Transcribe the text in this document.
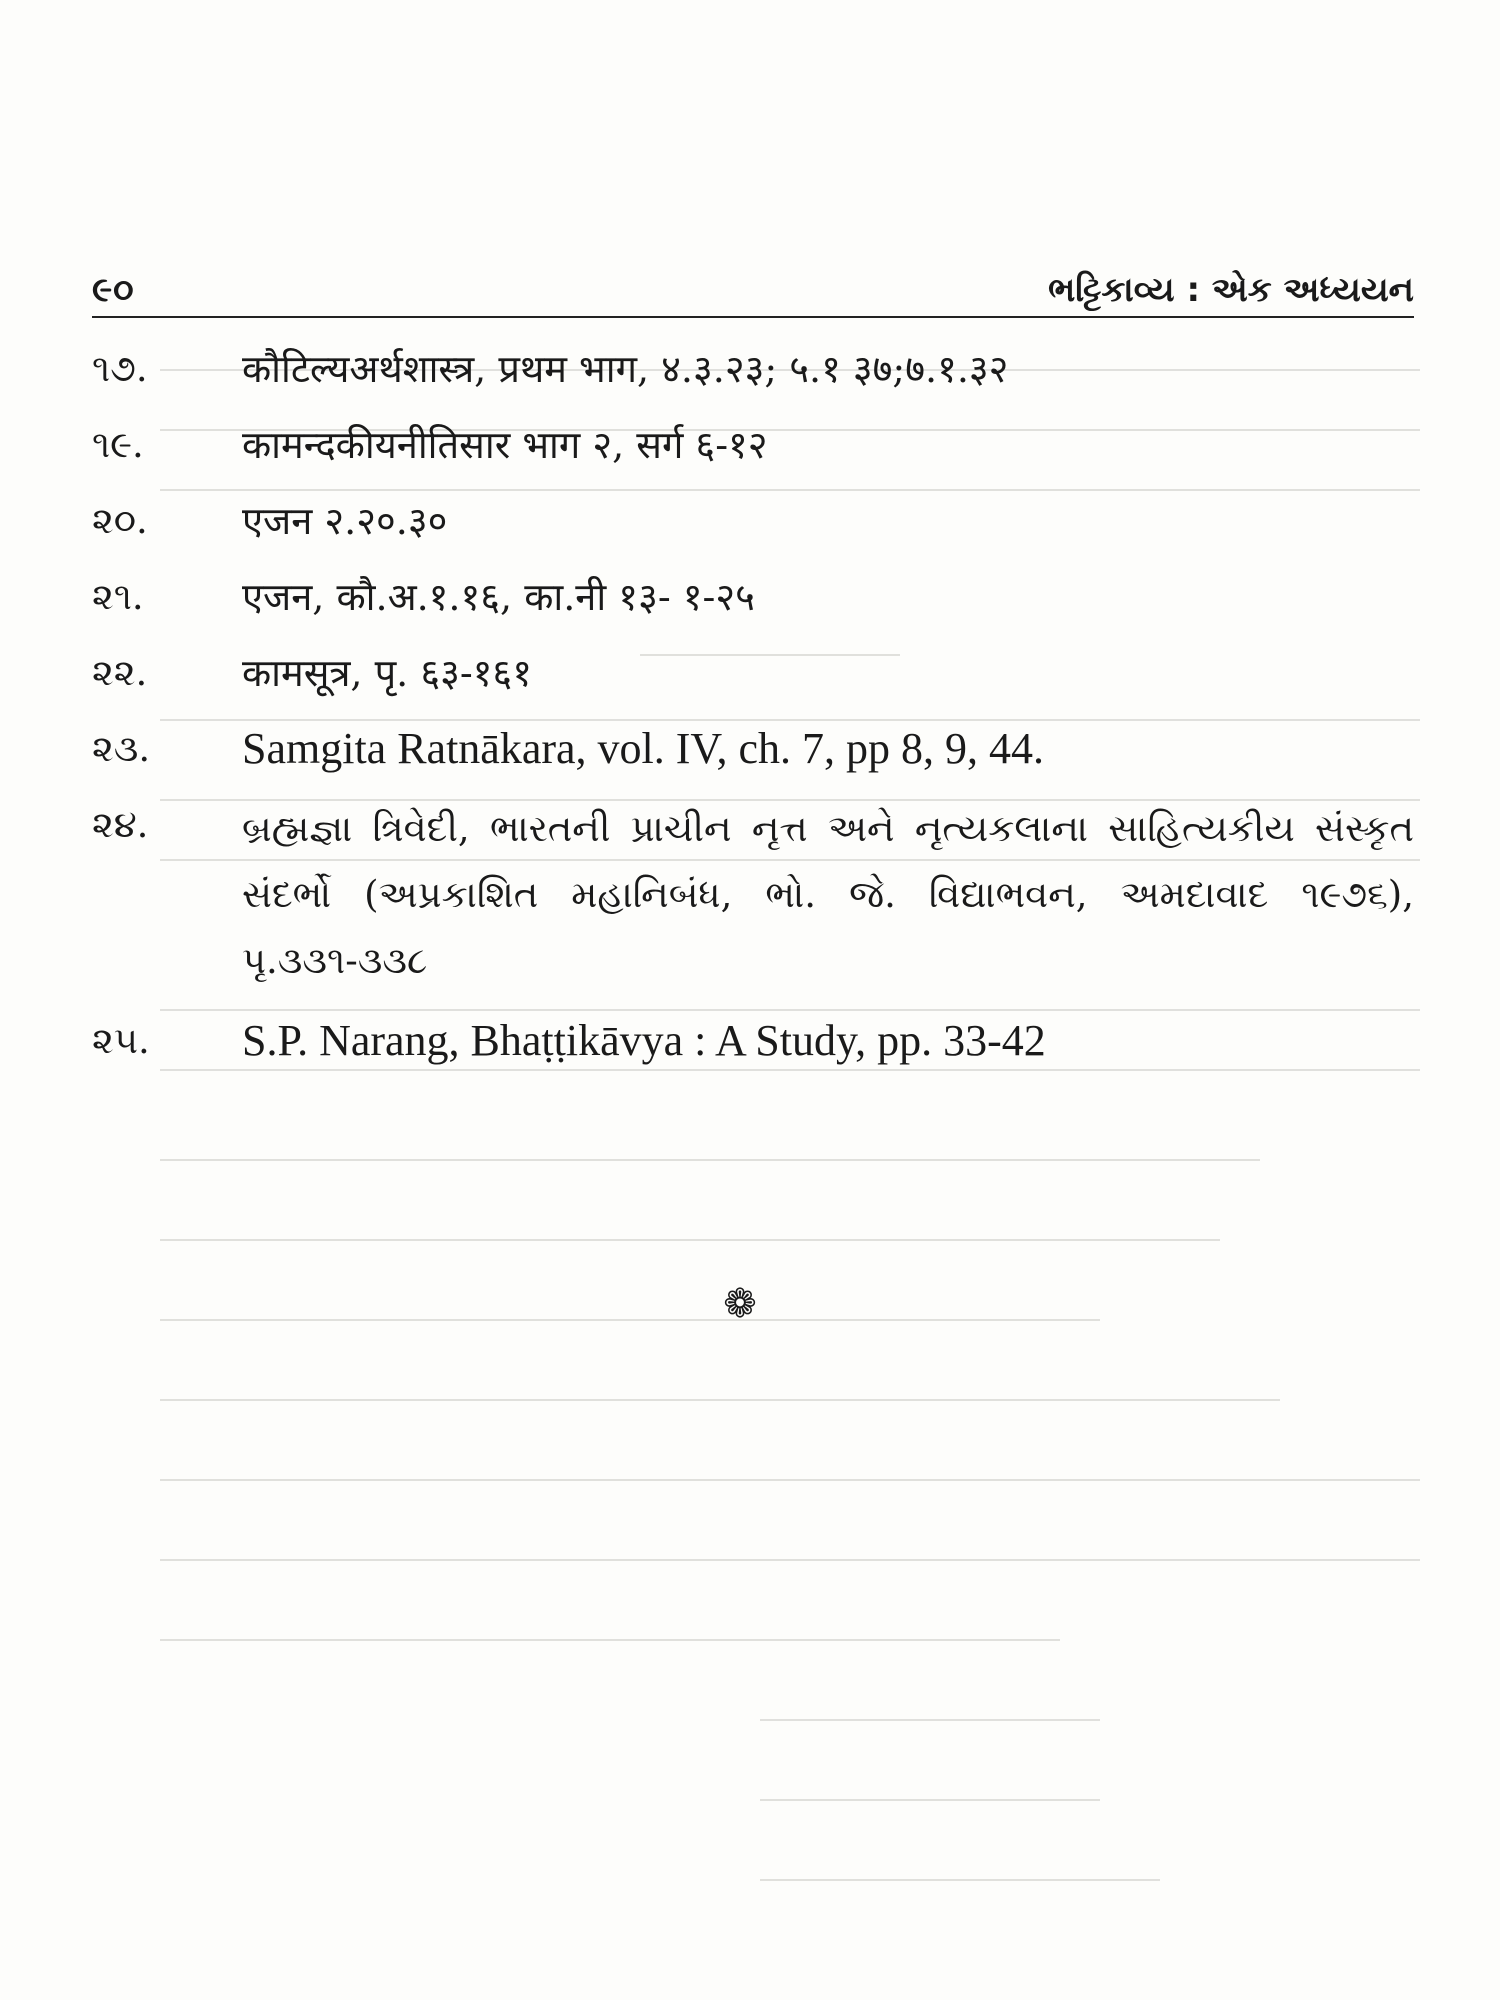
૯૦	ભટ્ટિકાવ્ય : એક અધ્યયન
૧૭.	कौटिल्यअर्थशास्त्र, प्रथम भाग, ४.३.२३; ५.१ ३७;७.१.३२
૧૯.	कामन्दकीयनीतिसार भाग २, सर्ग ६-१२
૨૦.	एजन २.२०.३०
૨૧.	एजन, कौ.अ.१.१६, का.नी १३- १-२५
૨૨.	कामसूत्र, पृ. ६३-१६१
૨૩.	Samgita Ratnākara, vol. IV, ch. 7, pp 8, 9, 44.
૨૪.	બ્રહ્મજ્ઞા ત્રિવેદી, ભારતની પ્રાચીન નૃત્ત અને નૃત્યકલાના સાહિત્યકીય સંસ્કૃત સંદર્ભો (અપ્રકાશિત મહાનિબંધ, ભો. જે. વિદ્યાભવન, અમદાવાદ ૧૯૭૬), પૃ.૩૩૧-૩૩૮
૨૫.	S.P. Narang, Bhaṭṭikāvya : A Study, pp. 33-42
❁
